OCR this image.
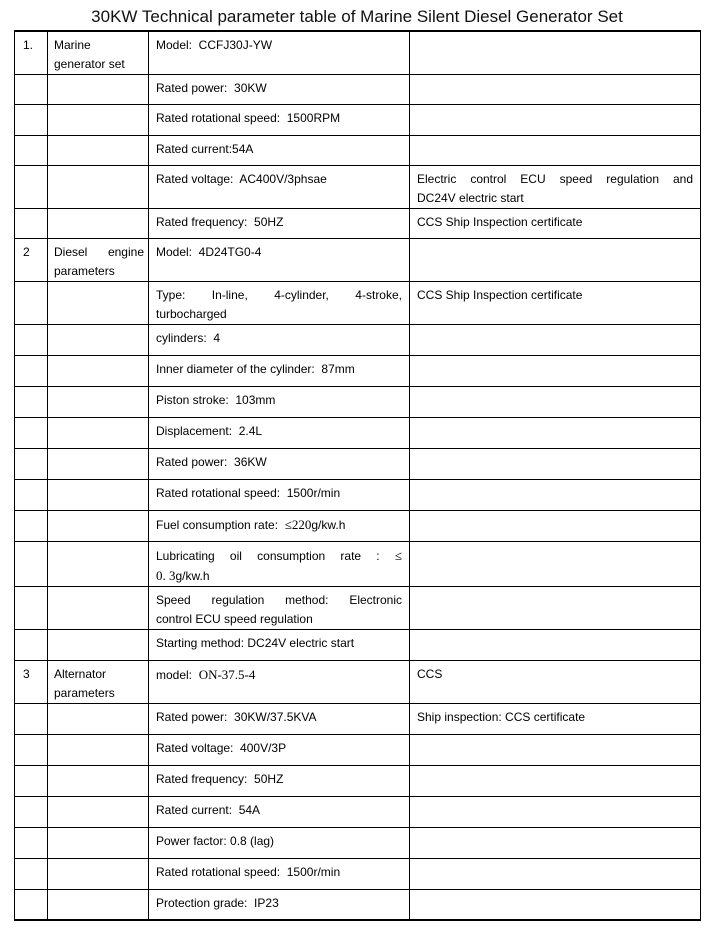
30KW Technical parameter table of Marine Silent Diesel Generator Set
1.	Marine
generator set	Model:  CCFJ30J-YW	

		Rated power:  30KW	

		Rated rotational speed:  1500RPM	

		Rated current:54A	

		Rated voltage:  AC400V/3phsae	Electric control ECU speed regulation and
DC24V electric start

		Rated frequency:  50HZ	CCS Ship Inspection certificate

2	Diesel engine
parameters	Model:  4D24TG0-4	

		Type: In-line, 4-cylinder, 4-stroke,
turbocharged	CCS Ship Inspection certificate

		cylinders:  4	

		Inner diameter of the cylinder:  87mm	

		Piston stroke:  103mm	

		Displacement:  2.4L	

		Rated power:  36KW	

		Rated rotational speed:  1500r/min	

		Fuel consumption rate:  ≤220g/kw.h	

		Lubricating oil consumption rate : ≤
0. 3g/kw.h	

		Speed regulation method: Electronic
control ECU speed regulation	

		Starting method: DC24V electric start	

3	Alternator
parameters	model:  ON-37.5-4	CCS

		Rated power:  30KW/37.5KVA	Ship inspection: CCS certificate

		Rated voltage:  400V/3P	

		Rated frequency:  50HZ	

		Rated current:  54A	

		Power factor: 0.8 (lag)	

		Rated rotational speed:  1500r/min	

		Protection grade:  IP23	
